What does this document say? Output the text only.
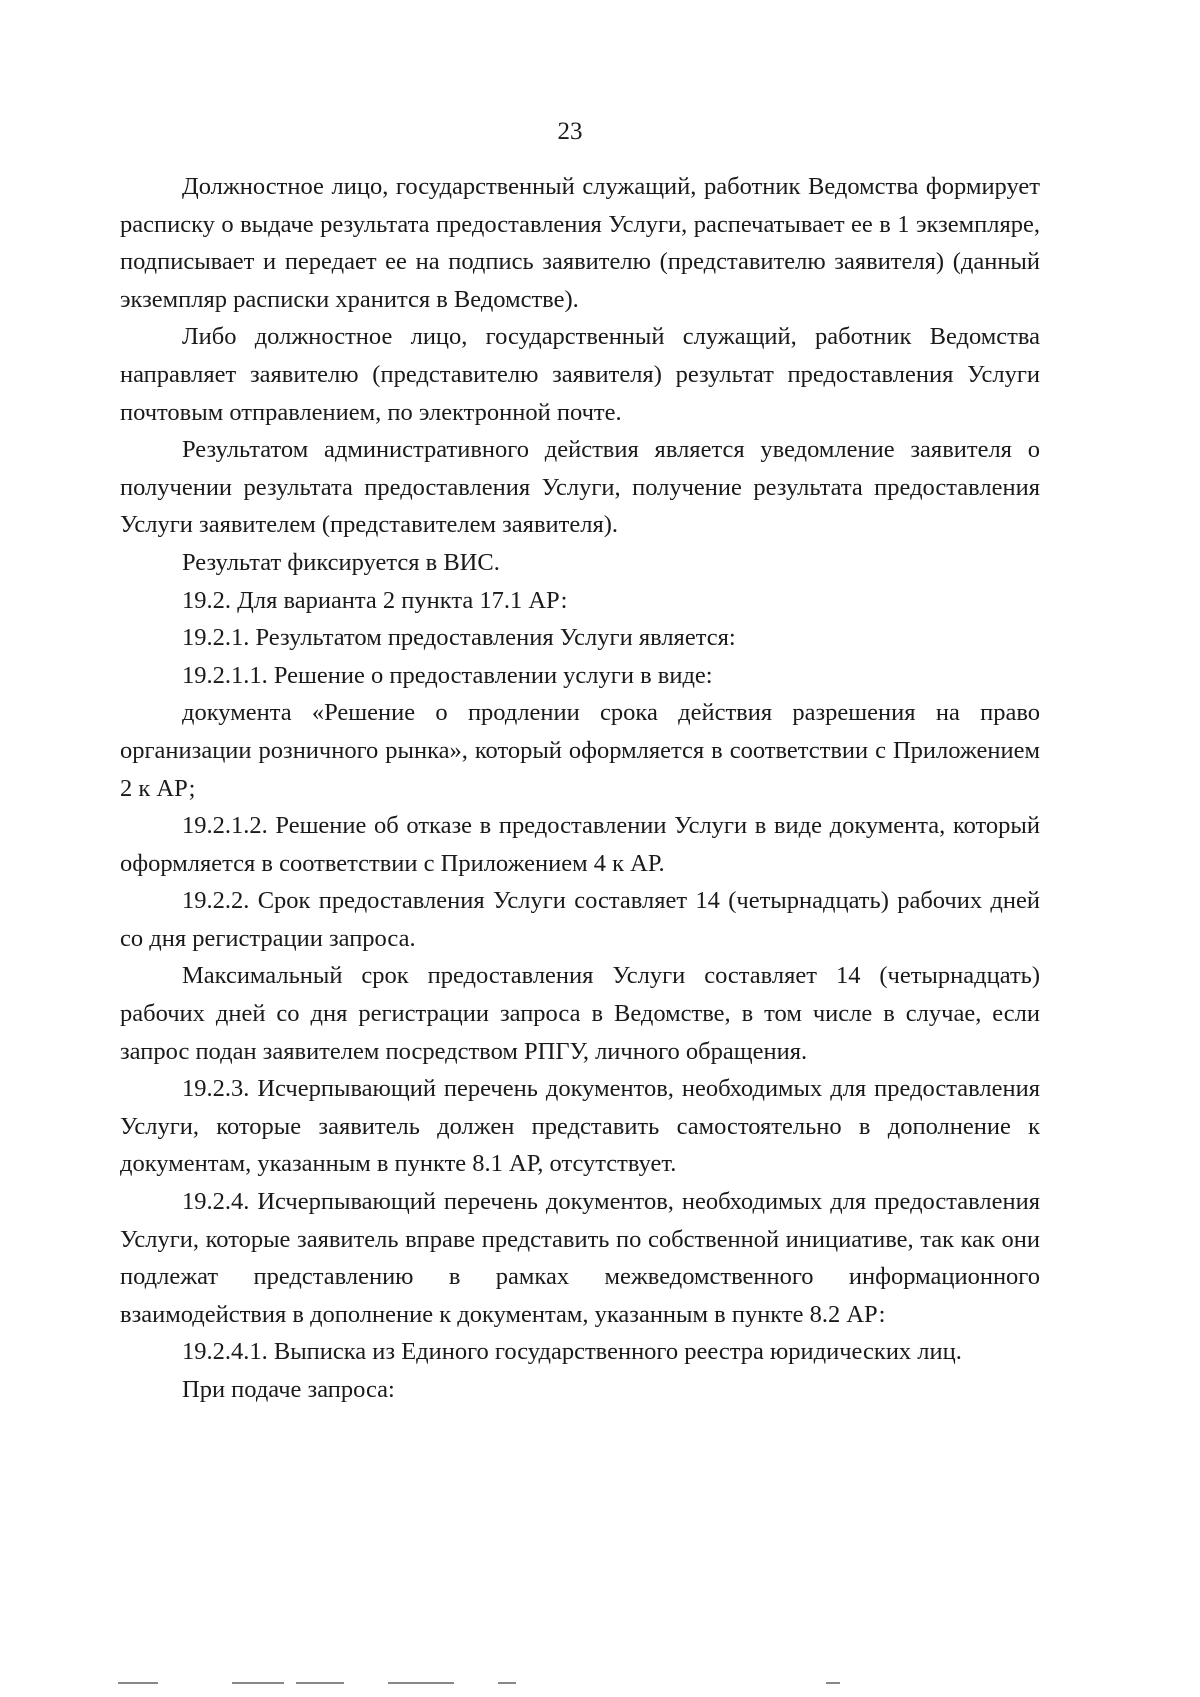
23

Должностное лицо, государственный служащий, работник Ведомства формирует расписку о выдаче результата предоставления Услуги, распечатывает ее в 1 экземпляре, подписывает и передает ее на подпись заявителю (представителю заявителя) (данный экземпляр расписки хранится в Ведомстве).

Либо должностное лицо, государственный служащий, работник Ведомства направляет заявителю (представителю заявителя) результат предоставления Услуги почтовым отправлением, по электронной почте.

Результатом административного действия является уведомление заявителя о получении результата предоставления Услуги, получение результата предоставления Услуги заявителем (представителем заявителя).

Результат фиксируется в ВИС.

19.2. Для варианта 2 пункта 17.1 АР:

19.2.1. Результатом предоставления Услуги является:

19.2.1.1. Решение о предоставлении услуги в виде:

документа «Решение о продлении срока действия разрешения на право организации розничного рынка», который оформляется в соответствии с Приложением 2 к АР;

19.2.1.2. Решение об отказе в предоставлении Услуги в виде документа, который оформляется в соответствии с Приложением 4 к АР.

19.2.2. Срок предоставления Услуги составляет 14 (четырнадцать) рабочих дней со дня регистрации запроса.

Максимальный срок предоставления Услуги составляет 14 (четырнадцать) рабочих дней со дня регистрации запроса в Ведомстве, в том числе в случае, если запрос подан заявителем посредством РПГУ, личного обращения.

19.2.3. Исчерпывающий перечень документов, необходимых для предоставления Услуги, которые заявитель должен представить самостоятельно в дополнение к документам, указанным в пункте 8.1 АР, отсутствует.

19.2.4. Исчерпывающий перечень документов, необходимых для предоставления Услуги, которые заявитель вправе представить по собственной инициативе, так как они подлежат представлению в рамках межведомственного информационного взаимодействия в дополнение к документам, указанным в пункте 8.2 АР:

19.2.4.1. Выписка из Единого государственного реестра юридических лиц.

При подаче запроса:
